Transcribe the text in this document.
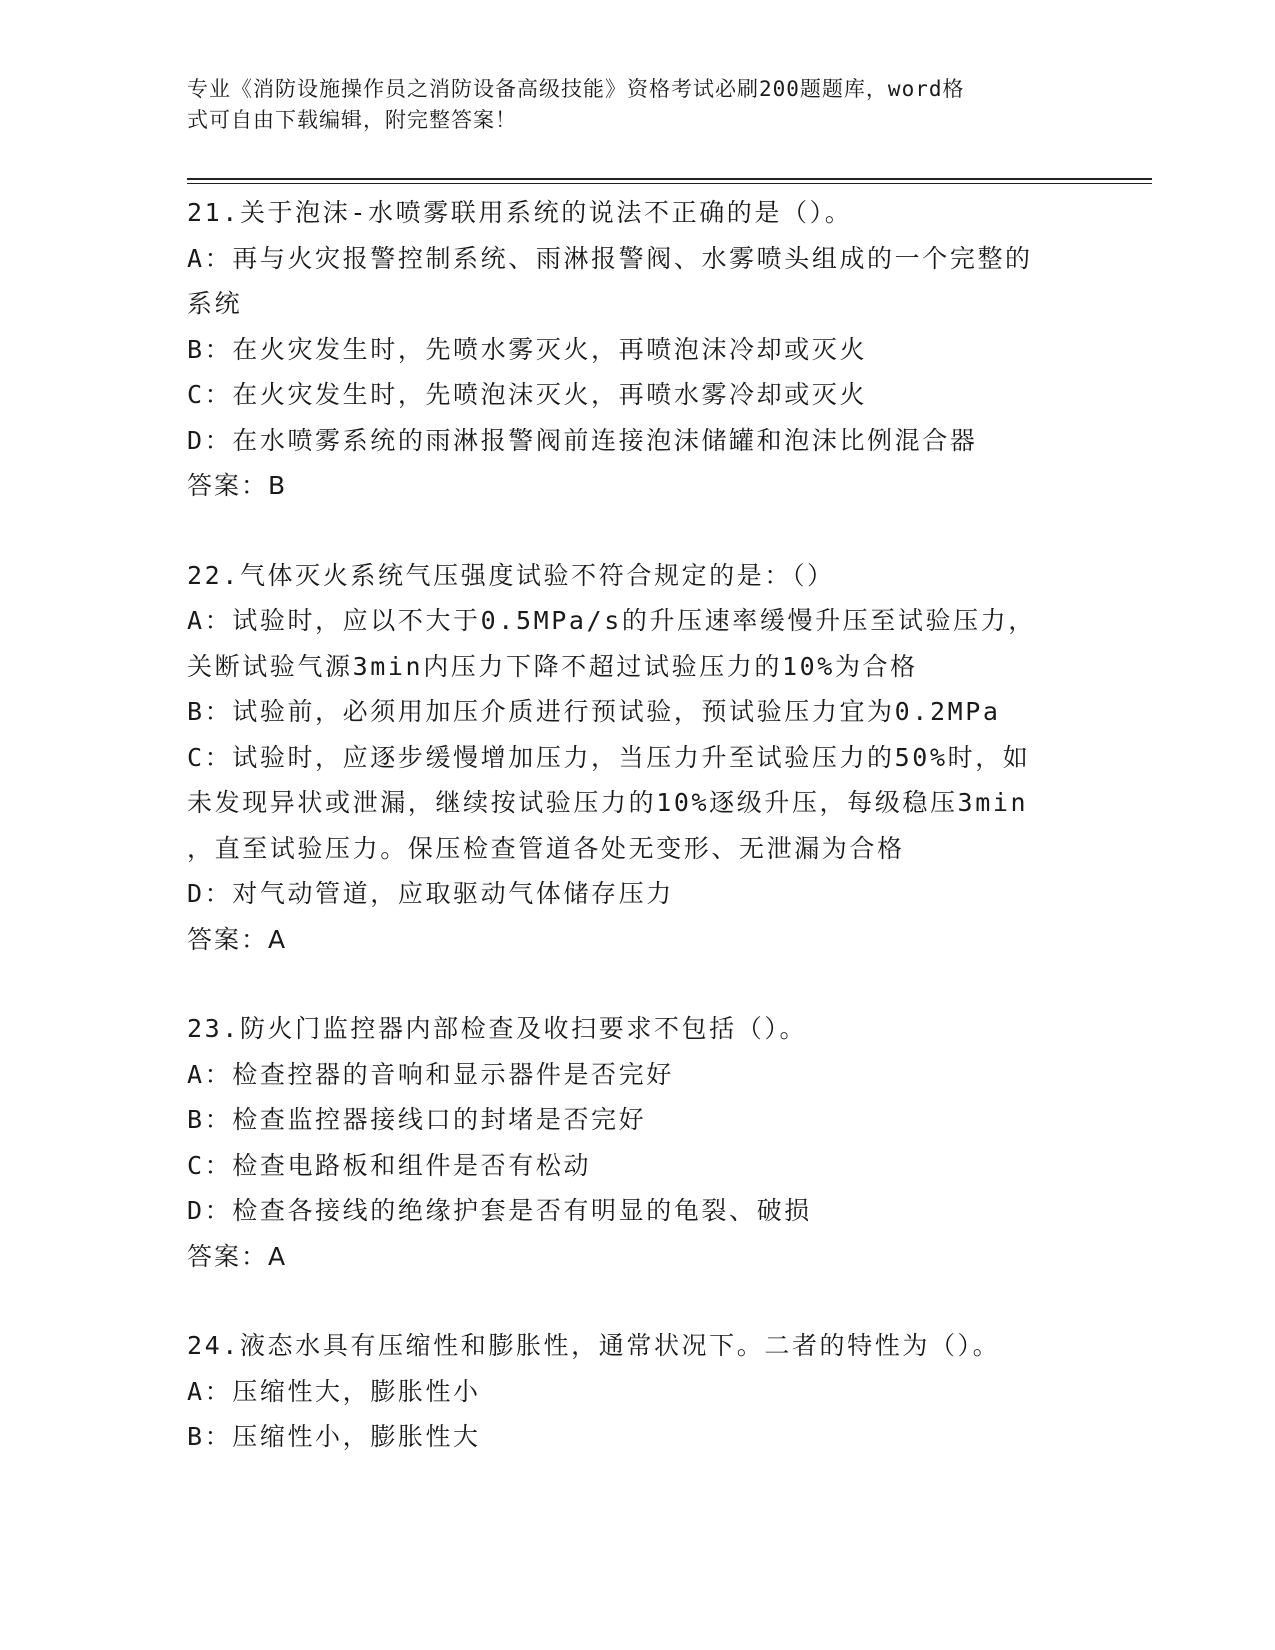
专业《消防设施操作员之消防设备高级技能》资格考试必刷200题题库，word格
式可自由下载编辑，附完整答案！
21.关于泡沫-水喷雾联用系统的说法不正确的是（）。
A：再与火灾报警控制系统、雨淋报警阀、水雾喷头组成的一个完整的
系统
B：在火灾发生时，先喷水雾灭火，再喷泡沫冷却或灭火
C：在火灾发生时，先喷泡沫灭火，再喷水雾冷却或灭火
D：在水喷雾系统的雨淋报警阀前连接泡沫储罐和泡沫比例混合器
答案：B
22.气体灭火系统气压强度试验不符合规定的是：（）
A：试验时，应以不大于0.5MPa/s的升压速率缓慢升压至试验压力，
关断试验气源3min内压力下降不超过试验压力的10%为合格
B：试验前，必须用加压介质进行预试验，预试验压力宜为0.2MPa
C：试验时，应逐步缓慢增加压力，当压力升至试验压力的50%时，如
未发现异状或泄漏，继续按试验压力的10%逐级升压，每级稳压3min
，直至试验压力。保压检查管道各处无变形、无泄漏为合格
D：对气动管道，应取驱动气体储存压力
答案：A
23.防火门监控器内部检查及收扫要求不包括（）。
A：检查控器的音响和显示器件是否完好
B：检查监控器接线口的封堵是否完好
C：检查电路板和组件是否有松动
D：检查各接线的绝缘护套是否有明显的龟裂、破损
答案：A
24.液态水具有压缩性和膨胀性，通常状况下。二者的特性为（）。
A：压缩性大，膨胀性小
B：压缩性小，膨胀性大
